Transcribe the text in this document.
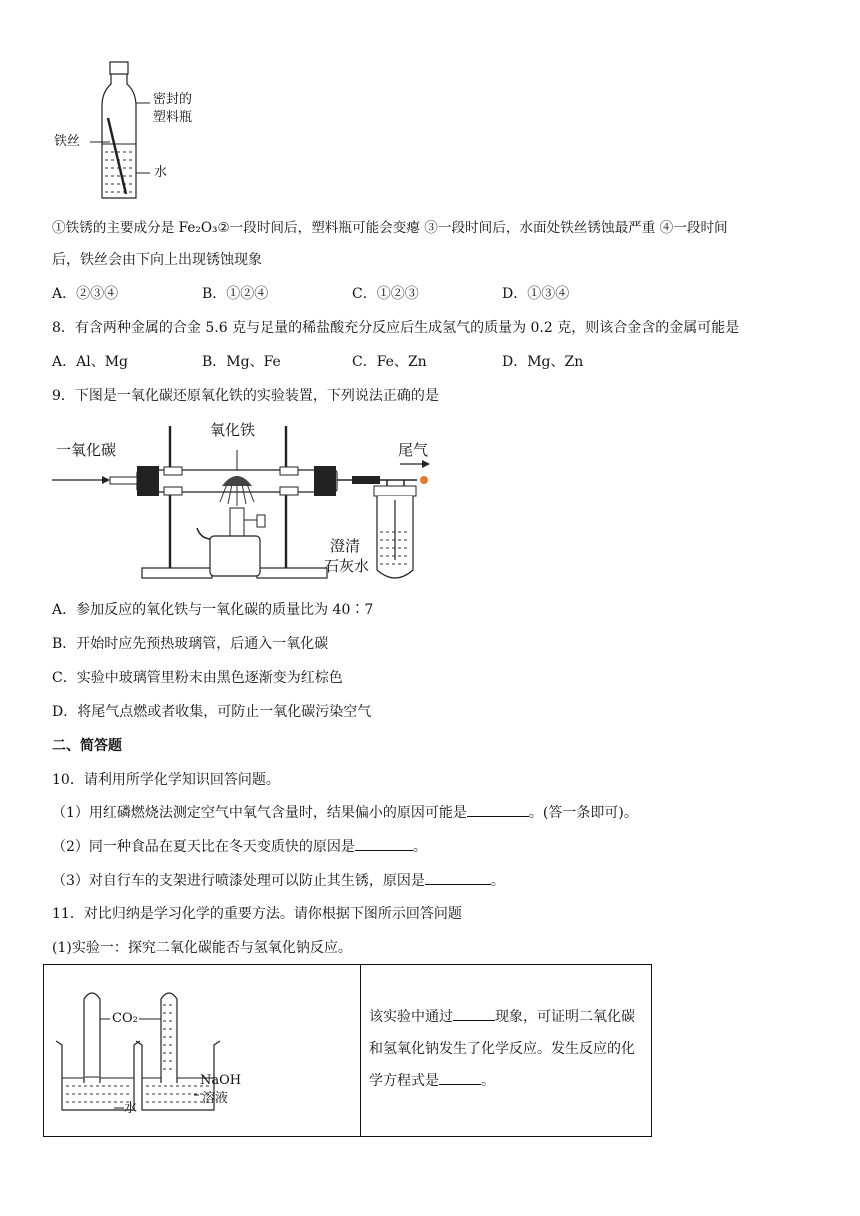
密封的
塑料瓶
铁丝
水
①铁锈的主要成分是 Fe₂O₃②一段时间后，塑料瓶可能会变瘪 ③一段时间后，水面处铁丝锈蚀最严重 ④一段时间
后，铁丝会由下向上出现锈蚀现象
A．②③④	B．①②④	C．①②③	D．①③④
8．有含两种金属的合金 5.6 克与足量的稀盐酸充分反应后生成氢气的质量为 0.2 克，则该合金含的金属可能是
A．Al、Mg	B．Mg、Fe	C．Fe、Zn	D．Mg、Zn
9．下图是一氧化碳还原氧化铁的实验装置，下列说法正确的是
一氧化碳
氧化铁
尾气
澄清
石灰水
A．参加反应的氧化铁与一氧化碳的质量比为 40∶7
B．开始时应先预热玻璃管，后通入一氧化碳
C．实验中玻璃管里粉末由黑色逐渐变为红棕色
D．将尾气点燃或者收集，可防止一氧化碳污染空气
二、简答题
10．请利用所学化学知识回答问题。
（1）用红磷燃烧法测定空气中氧气含量时，结果偏小的原因可能是	。(答一条即可)。
（2）同一种食品在夏天比在冬天变质快的原因是	。
（3）对自行车的支架进行喷漆处理可以防止其生锈，原因是	。
11．对比归纳是学习化学的重要方法。请你根据下图所示回答问题
(1)实验一：探究二氧化碳能否与氢氧化钠反应。
CO₂
NaOH
溶液
水

该实验中通过	现象，可证明二氧化碳和氢氧化钠发生了化学反应。发生反应的化学方程式是	。
